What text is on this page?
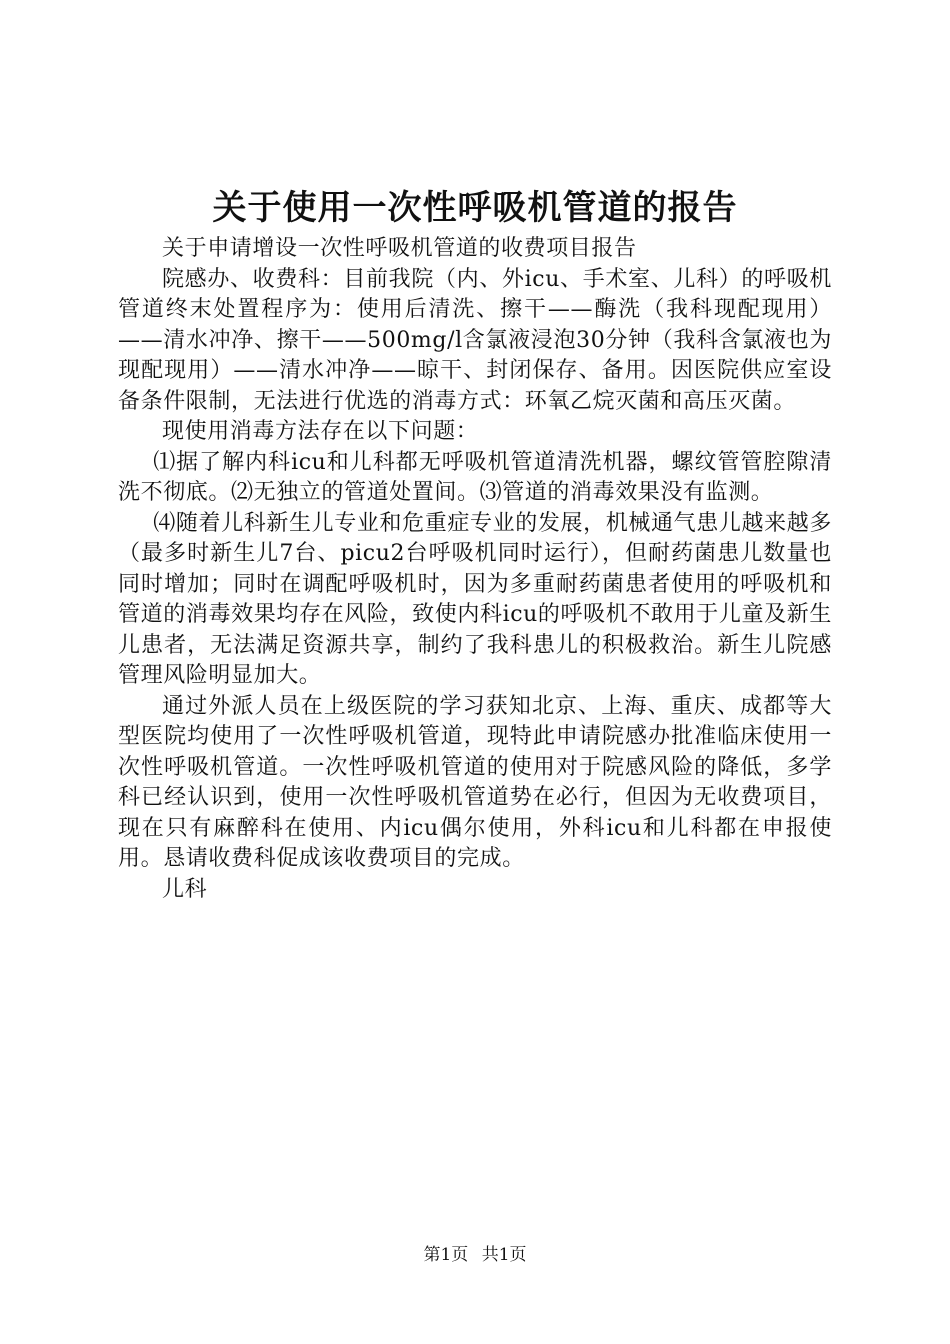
关于使用一次性呼吸机管道的报告

关于申请增设一次性呼吸机管道的收费项目报告

院感办、收费科：目前我院（内、外icu、手术室、儿科）的呼吸机管道终末处置程序为：使用后清洗、擦干——酶洗（我科现配现用）——清水冲净、擦干——500mg/l含氯液浸泡30分钟（我科含氯液也为现配现用）——清水冲净——晾干、封闭保存、备用。因医院供应室设备条件限制，无法进行优选的消毒方式：环氧乙烷灭菌和高压灭菌。

现使用消毒方法存在以下问题：

⑴据了解内科icu和儿科都无呼吸机管道清洗机器，螺纹管管腔隙清洗不彻底。⑵无独立的管道处置间。⑶管道的消毒效果没有监测。

⑷随着儿科新生儿专业和危重症专业的发展，机械通气患儿越来越多（最多时新生儿7台、picu2台呼吸机同时运行），但耐药菌患儿数量也同时增加；同时在调配呼吸机时，因为多重耐药菌患者使用的呼吸机和管道的消毒效果均存在风险，致使内科icu的呼吸机不敢用于儿童及新生儿患者，无法满足资源共享，制约了我科患儿的积极救治。新生儿院感管理风险明显加大。

通过外派人员在上级医院的学习获知北京、上海、重庆、成都等大型医院均使用了一次性呼吸机管道，现特此申请院感办批准临床使用一次性呼吸机管道。一次性呼吸机管道的使用对于院感风险的降低，多学科已经认识到，使用一次性呼吸机管道势在必行，但因为无收费项目，现在只有麻醉科在使用、内icu偶尔使用，外科icu和儿科都在申报使用。恳请收费科促成该收费项目的完成。

儿科

第1页 共1页
